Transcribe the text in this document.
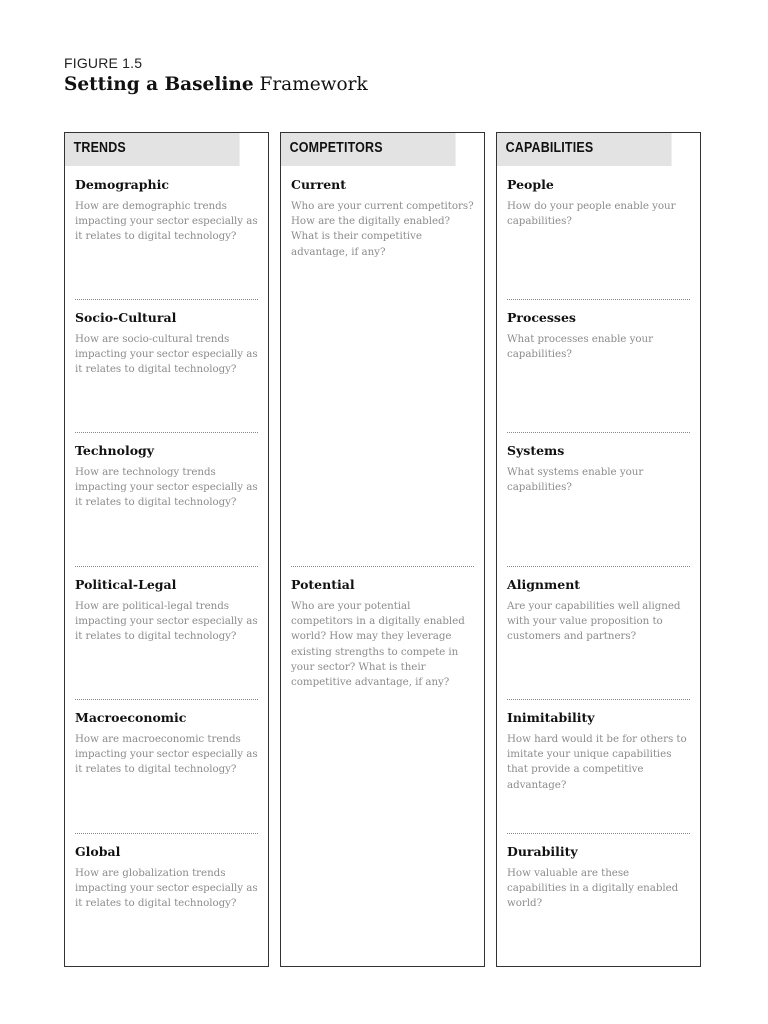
FIGURE 1.5
Setting a Baseline Framework
TRENDS
Demographic
How are demographic trends impacting your sector especially as it relates to digital technology?
Socio-Cultural
How are socio-cultural trends impacting your sector especially as it relates to digital technology?
Technology
How are technology trends impacting your sector especially as it relates to digital technology?
Political-Legal
How are political-legal trends impacting your sector especially as it relates to digital technology?
Macroeconomic
How are macroeconomic trends impacting your sector especially as it relates to digital technology?
Global
How are globalization trends impacting your sector especially as it relates to digital technology?
COMPETITORS
Current
Who are your current competitors? How are the digitally enabled? What is their competitive advantage, if any?
Potential
Who are your potential competitors in a digitally enabled world? How may they leverage existing strengths to compete in your sector? What is their competitive advantage, if any?
CAPABILITIES
People
How do your people enable your capabilities?
Processes
What processes enable your capabilities?
Systems
What systems enable your capabilities?
Alignment
Are your capabilities well aligned with your value proposition to customers and partners?
Inimitability
How hard would it be for others to imitate your unique capabilities that provide a competitive advantage?
Durability
How valuable are these capabilities in a digitally enabled world?
